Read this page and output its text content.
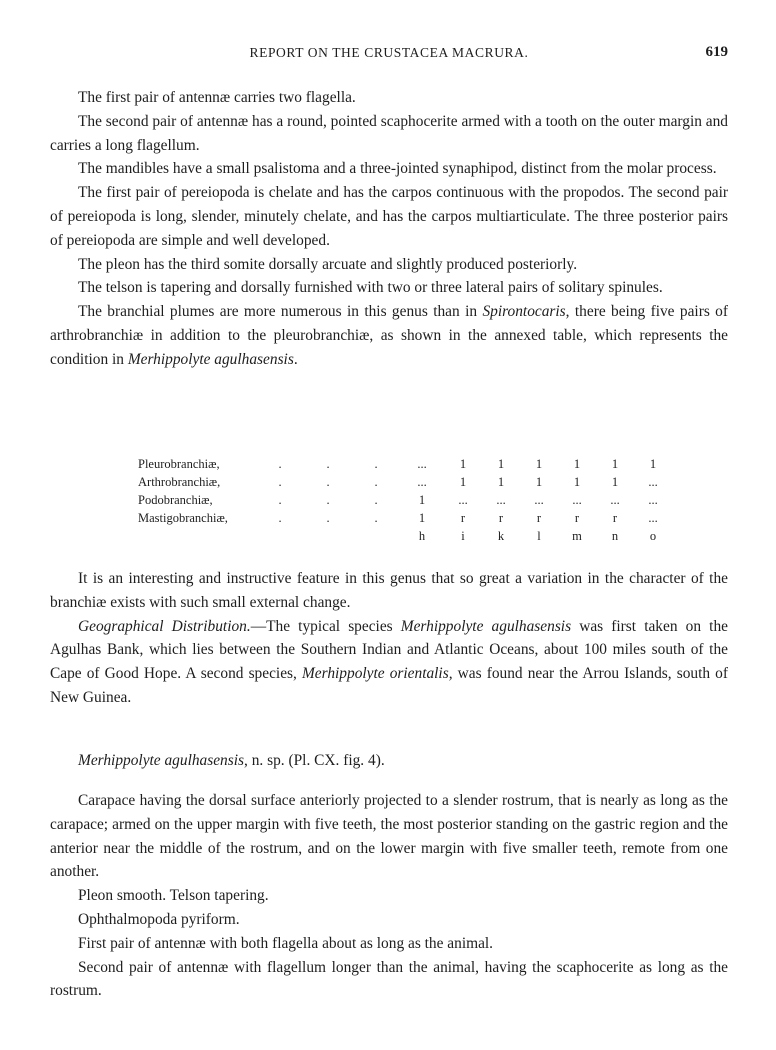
REPORT ON THE CRUSTACEA MACRURA.	619

The first pair of antennæ carries two flagella.

The second pair of antennæ has a round, pointed scaphocerite armed with a tooth on the outer margin and carries a long flagellum.

The mandibles have a small psalistoma and a three-jointed synaphipod, distinct from the molar process.

The first pair of pereiopoda is chelate and has the carpos continuous with the propodos. The second pair of pereiopoda is long, slender, minutely chelate, and has the carpos multiarticulate. The three posterior pairs of pereiopoda are simple and well developed.

The pleon has the third somite dorsally arcuate and slightly produced posteriorly.

The telson is tapering and dorsally furnished with two or three lateral pairs of solitary spinules.

The branchial plumes are more numerous in this genus than in Spirontocaris, there being five pairs of arthrobranchiæ in addition to the pleurobranchiæ, as shown in the annexed table, which represents the condition in Merhippolyte agulhasensis.

Pleurobranchiæ,	.	.	.	...	1	1	1	1	1	1
Arthrobranchiæ,	.	.	.	...	1	1	1	1	1	...
Podobranchiæ,	.	.	.	1	...	...	...	...	...	...
Mastigobranchiæ,	.	.	.	1	r	r	r	r	r	...
				h	i	k	l	m	n	o

It is an interesting and instructive feature in this genus that so great a variation in the character of the branchiæ exists with such small external change.

Geographical Distribution.—The typical species Merhippolyte agulhasensis was first taken on the Agulhas Bank, which lies between the Southern Indian and Atlantic Oceans, about 100 miles south of the Cape of Good Hope. A second species, Merhippolyte orientalis, was found near the Arrou Islands, south of New Guinea.

Merhippolyte agulhasensis, n. sp. (Pl. CX. fig. 4).

Carapace having the dorsal surface anteriorly projected to a slender rostrum, that is nearly as long as the carapace; armed on the upper margin with five teeth, the most posterior standing on the gastric region and the anterior near the middle of the rostrum, and on the lower margin with five smaller teeth, remote from one another.

Pleon smooth. Telson tapering.

Ophthalmopoda pyriform.

First pair of antennæ with both flagella about as long as the animal.

Second pair of antennæ with flagellum longer than the animal, having the scaphocerite as long as the rostrum.
